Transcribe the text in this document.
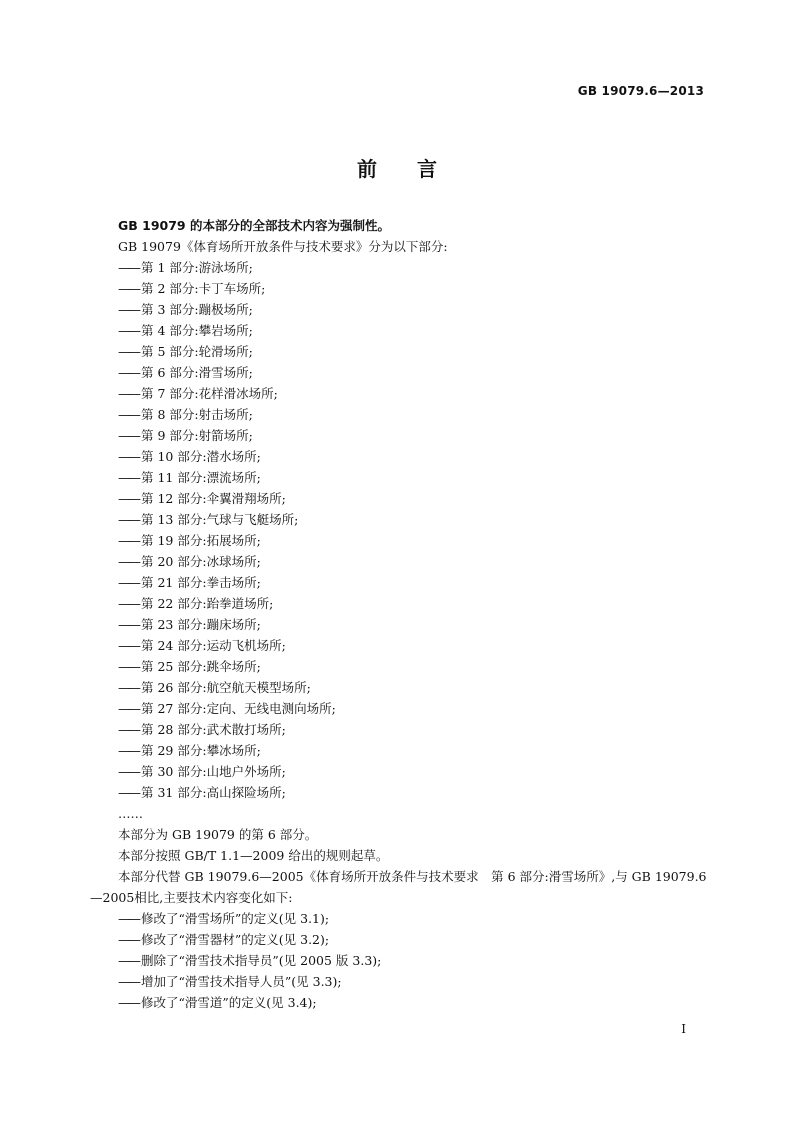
GB 19079.6—2013
前言
GB 19079 的本部分的全部技术内容为强制性。
GB 19079《体育场所开放条件与技术要求》分为以下部分:
—— 第 1 部分:游泳场所;
—— 第 2 部分:卡丁车场所;
—— 第 3 部分:蹦极场所;
—— 第 4 部分:攀岩场所;
—— 第 5 部分:轮滑场所;
—— 第 6 部分:滑雪场所;
—— 第 7 部分:花样滑冰场所;
—— 第 8 部分:射击场所;
—— 第 9 部分:射箭场所;
—— 第 10 部分:潜水场所;
—— 第 11 部分:漂流场所;
—— 第 12 部分:伞翼滑翔场所;
—— 第 13 部分:气球与飞艇场所;
—— 第 19 部分:拓展场所;
—— 第 20 部分:冰球场所;
—— 第 21 部分:拳击场所;
—— 第 22 部分:跆拳道场所;
—— 第 23 部分:蹦床场所;
—— 第 24 部分:运动飞机场所;
—— 第 25 部分:跳伞场所;
—— 第 26 部分:航空航天模型场所;
—— 第 27 部分:定向、无线电测向场所;
—— 第 28 部分:武术散打场所;
—— 第 29 部分:攀冰场所;
—— 第 30 部分:山地户外场所;
—— 第 31 部分:高山探险场所;
……
本部分为 GB 19079 的第 6 部分。
本部分按照 GB/T 1.1—2009 给出的规则起草。
本部分代替 GB 19079.6—2005《体育场所开放条件与技术要求　第 6 部分:滑雪场所》,与 GB 19079.6—2005相比,主要技术内容变化如下:
—— 修改了“滑雪场所”的定义(见 3.1);
—— 修改了“滑雪器材”的定义(见 3.2);
—— 删除了“滑雪技术指导员”(见 2005 版 3.3);
—— 增加了“滑雪技术指导人员”(见 3.3);
—— 修改了“滑雪道”的定义(见 3.4);
I
